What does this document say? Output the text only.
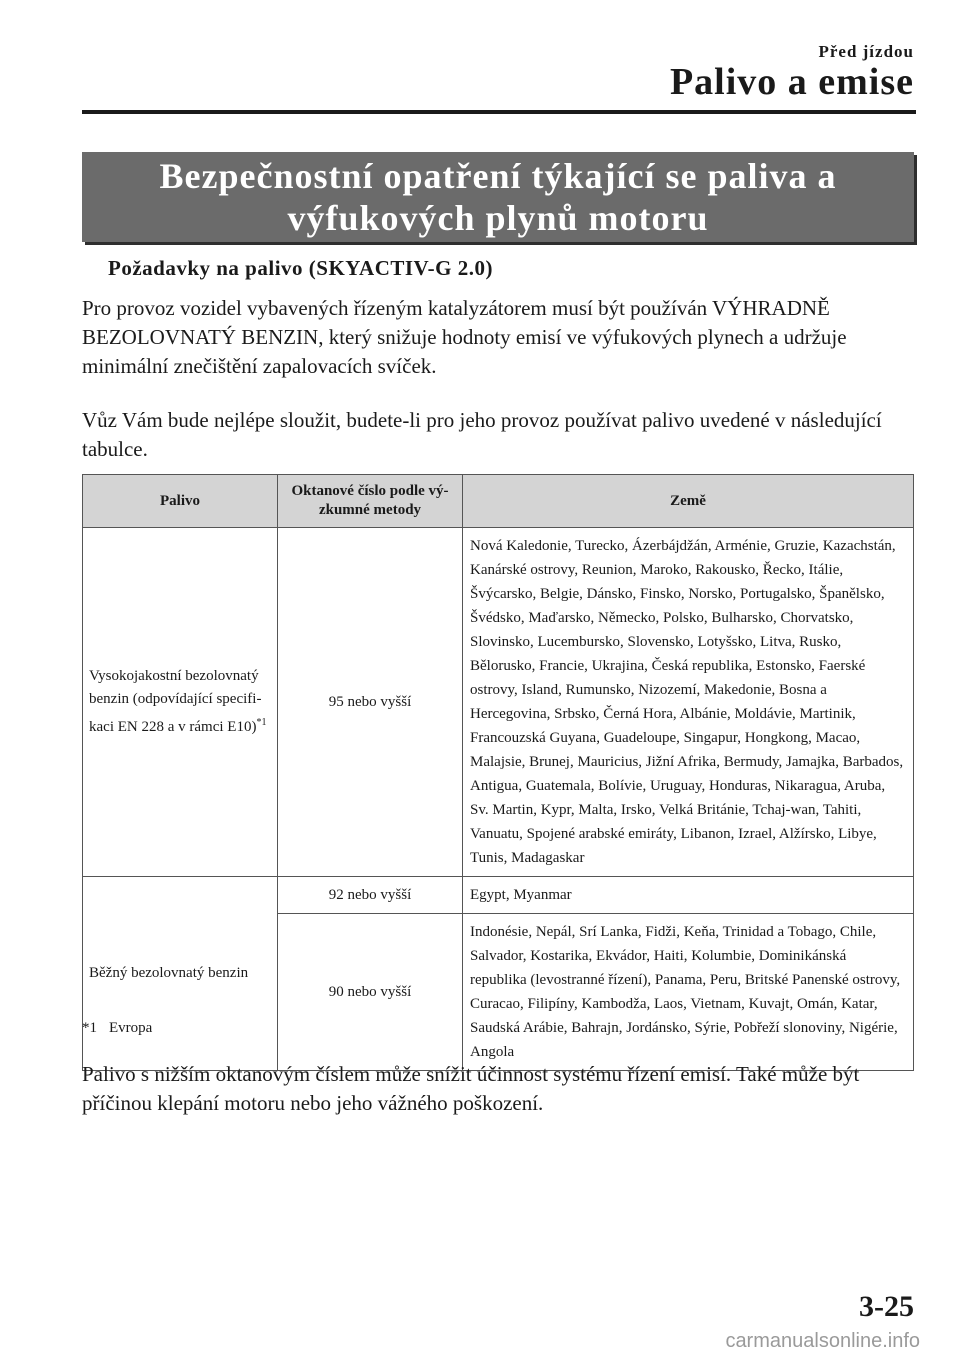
Před jízdou
Palivo a emise
Bezpečnostní opatření týkající se paliva a výfukových plynů motoru
Požadavky na palivo (SKYACTIV-G 2.0)
Pro provoz vozidel vybavených řízeným katalyzátorem musí být používán VÝHRADNĚ BEZOLOVNATÝ BENZIN, který snižuje hodnoty emisí ve výfukových plynech a udržuje minimální znečištění zapalovacích svíček.
Vůz Vám bude nejlépe sloužit, budete-li pro jeho provoz používat palivo uvedené v následující tabulce.
Palivo	Oktanové číslo podle vý-zkumné metody	Země
Vysokojakostní bezolovnatý benzin (odpovídající specifi-kaci EN 228 a v rámci E10)$^{*1}$	95 nebo vyšší	Nová Kaledonie, Turecko, Ázerbájdžán, Arménie, Gruzie, Kazachstán, Kanárské ostrovy, Reunion, Maroko, Rakousko, Řecko, Itálie, Švýcarsko, Belgie, Dánsko, Finsko, Norsko, Portugalsko, Španělsko, Švédsko, Maďarsko, Německo, Polsko, Bulharsko, Chorvatsko, Slovinsko, Lucembursko, Slovensko, Lotyšsko, Litva, Rusko, Bělorusko, Francie, Ukrajina, Česká republika, Estonsko, Faerské ostrovy, Island, Rumunsko, Nizozemí, Makedonie, Bosna a Hercegovina, Srbsko, Černá Hora, Albánie, Moldávie, Martinik, Francouzská Guyana, Guadeloupe, Singapur, Hongkong, Macao, Malajsie, Brunej, Mauricius, Jižní Afrika, Bermudy, Jamajka, Barbados, Antigua, Guatemala, Bolívie, Uruguay, Honduras, Nikaragua, Aruba, Sv. Martin, Kypr, Malta, Irsko, Velká Británie, Tchaj-wan, Tahiti, Vanuatu, Spojené arabské emiráty, Libanon, Izrael, Alžírsko, Libye, Tunis, Madagaskar
Běžný bezolovnatý benzin	92 nebo vyšší	Egypt, Myanmar
	90 nebo vyšší	Indonésie, Nepál, Srí Lanka, Fidži, Keňa, Trinidad a Tobago, Chile, Salvador, Kostarika, Ekvádor, Haiti, Kolumbie, Dominikánská republika (levostranné řízení), Panama, Peru, Britské Panenské ostrovy, Curacao, Filipíny, Kambodža, Laos, Vietnam, Kuvajt, Omán, Katar, Saudská Arábie, Bahrajn, Jordánsko, Sýrie, Pobřeží slonoviny, Nigérie, Angola
*1 Evropa
Palivo s nižším oktanovým číslem může snížit účinnost systému řízení emisí. Také může být příčinou klepání motoru nebo jeho vážného poškození.
3-25
carmanualsonline.info
